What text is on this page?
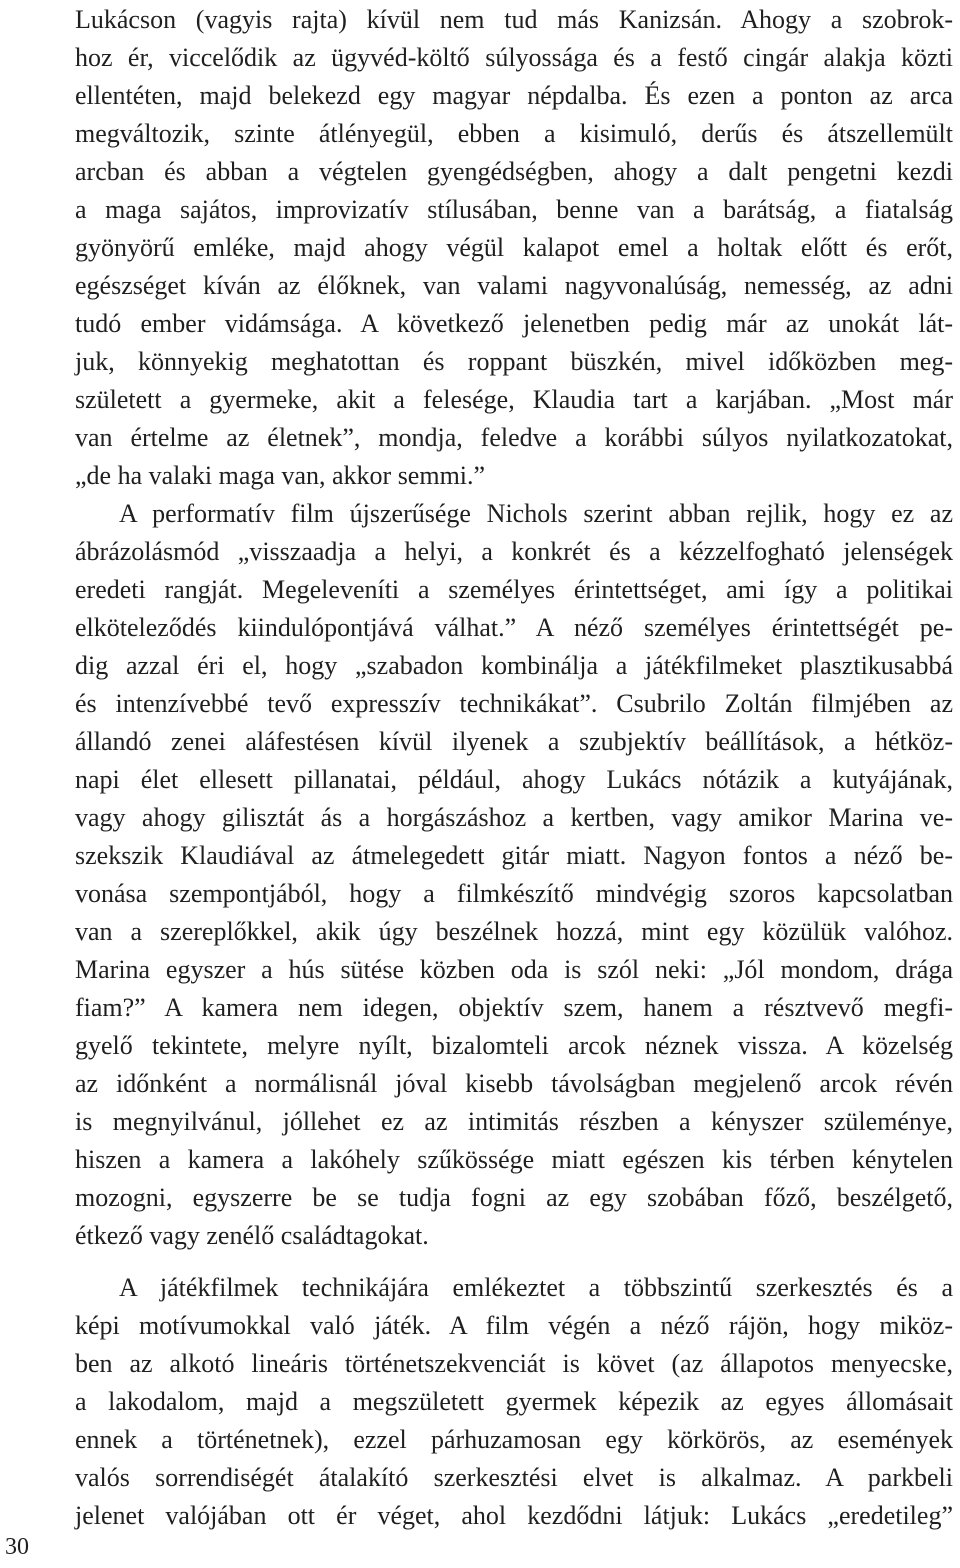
Lukácson (vagyis rajta) kívül nem tud más Kanizsán. Ahogy a szobrok-
hoz ér, viccelődik az ügyvéd-költő súlyossága és a festő cingár alakja közti
ellentéten, majd belekezd egy magyar népdalba. És ezen a ponton az arca
megváltozik, szinte átlényegül, ebben a kisimuló, derűs és átszellemült
arcban és abban a végtelen gyengédségben, ahogy a dalt pengetni kezdi
a maga sajátos, improvizatív stílusában, benne van a barátság, a fiatalság
gyönyörű emléke, majd ahogy végül kalapot emel a holtak előtt és erőt,
egészséget kíván az élőknek, van valami nagyvonalúság, nemesség, az adni
tudó ember vidámsága. A következő jelenetben pedig már az unokát lát-
juk, könnyekig meghatottan és roppant büszkén, mivel időközben meg-
született a gyermeke, akit a felesége, Klaudia tart a karjában. „Most már
van értelme az életnek”, mondja, feledve a korábbi súlyos nyilatkozatokat,
„de ha valaki maga van, akkor semmi.”
A performatív film újszerűsége Nichols szerint abban rejlik, hogy ez az
ábrázolásmód „visszaadja a helyi, a konkrét és a kézzelfogható jelenségek
eredeti rangját. Megeleveníti a személyes érintettséget, ami így a politikai
elköteleződés kiindulópontjává válhat.” A néző személyes érintettségét pe-
dig azzal éri el, hogy „szabadon kombinálja a játékfilmeket plasztikusabbá
és intenzívebbé tevő expresszív technikákat”. Csubrilo Zoltán filmjében az
állandó zenei aláfestésen kívül ilyenek a szubjektív beállítások, a hétköz-
napi élet ellesett pillanatai, például, ahogy Lukács nótázik a kutyájának,
vagy ahogy gilisztát ás a horgászáshoz a kertben, vagy amikor Marina ve-
szekszik Klaudiával az átmelegedett gitár miatt. Nagyon fontos a néző be-
vonása szempontjából, hogy a filmkészítő mindvégig szoros kapcsolatban
van a szereplőkkel, akik úgy beszélnek hozzá, mint egy közülük valóhoz.
Marina egyszer a hús sütése közben oda is szól neki: „Jól mondom, drága
fiam?” A kamera nem idegen, objektív szem, hanem a résztvevő megfi-
gyelő tekintete, melyre nyílt, bizalomteli arcok néznek vissza. A közelség
az időnként a normálisnál jóval kisebb távolságban megjelenő arcok révén
is megnyilvánul, jóllehet ez az intimitás részben a kényszer szüleménye,
hiszen a kamera a lakóhely szűkössége miatt egészen kis térben kénytelen
mozogni, egyszerre be se tudja fogni az egy szobában főző, beszélgető,
étkező vagy zenélő családtagokat.
A játékfilmek technikájára emlékeztet a többszintű szerkesztés és a
képi motívumokkal való játék. A film végén a néző rájön, hogy miköz-
ben az alkotó lineáris történetszekvenciát is követ (az állapotos menyecske,
a lakodalom, majd a megszületett gyermek képezik az egyes állomásait
ennek a történetnek), ezzel párhuzamosan egy körkörös, az események
valós sorrendiségét átalakító szerkesztési elvet is alkalmaz. A parkbeli
jelenet valójában ott ér véget, ahol kezdődni látjuk: Lukács „eredetileg”
30
